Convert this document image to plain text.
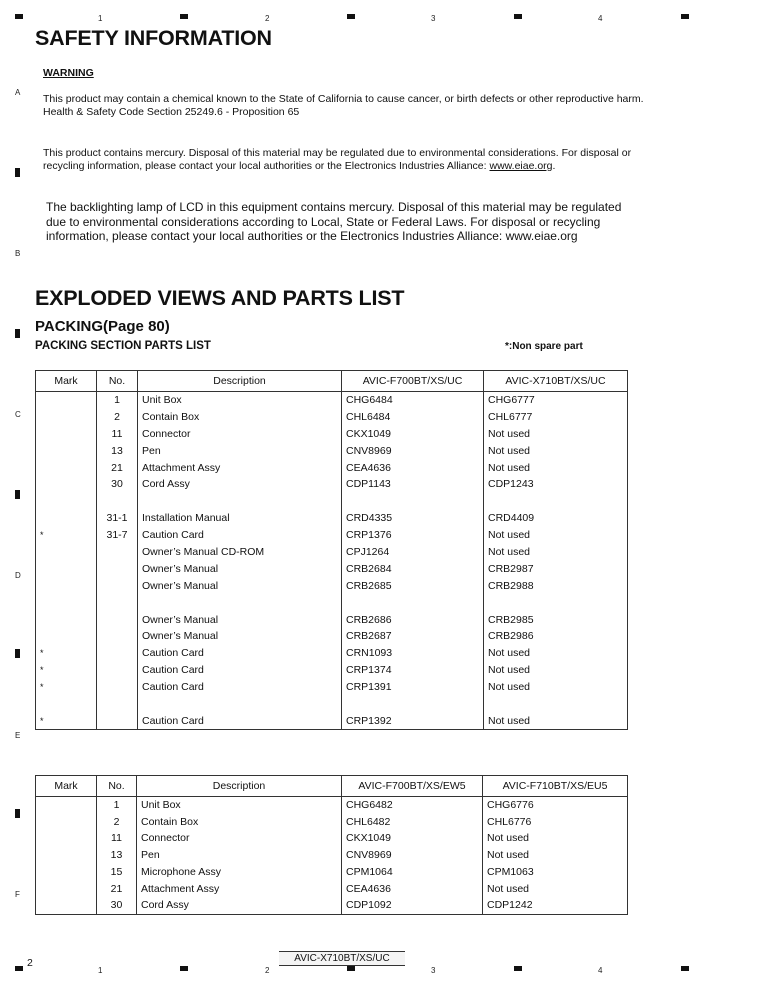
1	2	3	4
1	2	3	4
A
B
C
D
E
F
SAFETY INFORMATION
WARNING
This product may contain a chemical known to the State of California to cause cancer, or birth defects or other reproductive harm.
Health & Safety Code Section 25249.6 - Proposition 65
This product contains mercury. Disposal of this material may be regulated due to environmental considerations. For disposal or recycling information, please contact your local authorities or the Electronics Industries Alliance: www.eiae.org.
The backlighting lamp of LCD in this equipment contains mercury. Disposal of this material may be regulated due to environmental considerations according to Local, State or Federal Laws. For disposal or recycling information, please contact your local authorities or the Electronics Industries Alliance: www.eiae.org
EXPLODED VIEWS AND PARTS LIST
PACKING(Page 80)
PACKING SECTION PARTS LIST	*:Non spare part
Mark	No.	Description	AVIC-F700BT/XS/UC	AVIC-X710BT/XS/UC
	1	Unit Box	CHG6484	CHG6777
	2	Contain Box	CHL6484	CHL6777
	11	Connector	CKX1049	Not used
	13	Pen	CNV8969	Not used
	21	Attachment Assy	CEA4636	Not used
	30	Cord Assy	CDP1143	CDP1243

	31-1	Installation Manual	CRD4335	CRD4409
*	31-7	Caution Card	CRP1376	Not used
		Owner’s Manual CD-ROM	CPJ1264	Not used
		Owner’s Manual	CRB2684	CRB2987
		Owner’s Manual	CRB2685	CRB2988

		Owner’s Manual	CRB2686	CRB2985
		Owner’s Manual	CRB2687	CRB2986
*		Caution Card	CRN1093	Not used
*		Caution Card	CRP1374	Not used
*		Caution Card	CRP1391	Not used

*		Caution Card	CRP1392	Not used
Mark	No.	Description	AVIC-F700BT/XS/EW5	AVIC-F710BT/XS/EU5
	1	Unit Box	CHG6482	CHG6776
	2	Contain Box	CHL6482	CHL6776
	11	Connector	CKX1049	Not used
	13	Pen	CNV8969	Not used
	15	Microphone Assy	CPM1064	CPM1063
	21	Attachment Assy	CEA4636	Not used
	30	Cord Assy	CDP1092	CDP1242
2	AVIC-X710BT/XS/UC
